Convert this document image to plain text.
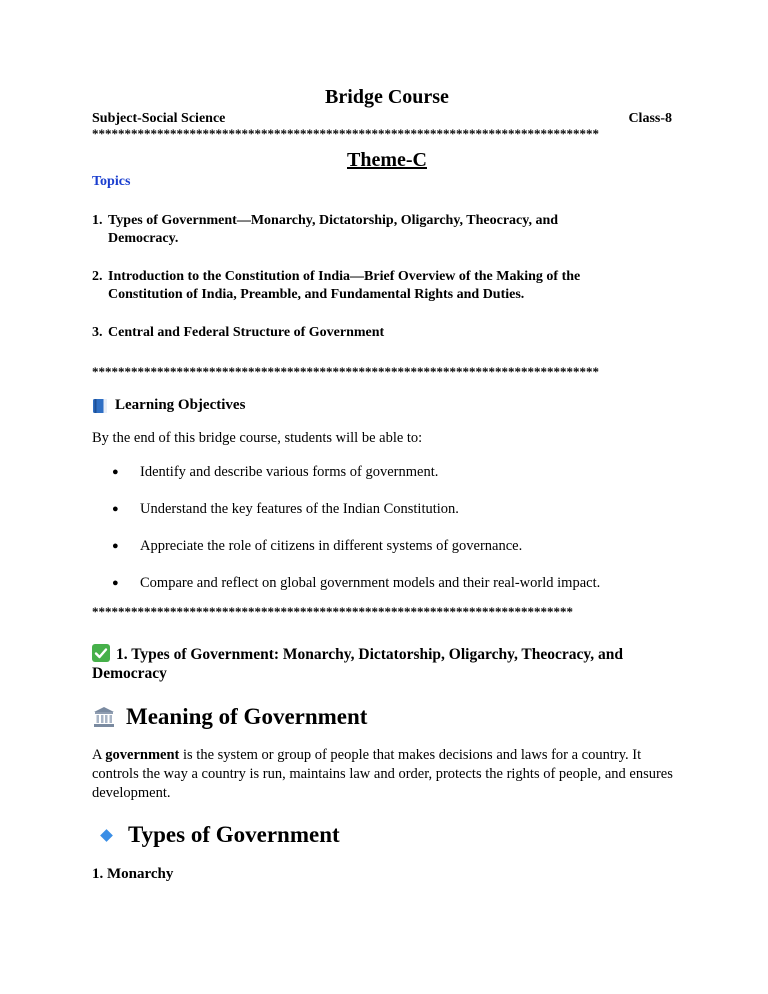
Bridge Course
Subject-Social Science	Class-8
******************************************************************************
Theme-C
Topics
1. Types of Government—Monarchy, Dictatorship, Oligarchy, Theocracy, and
Democracy.
2. Introduction to the Constitution of India—Brief Overview of the Making of the
Constitution of India, Preamble, and Fundamental Rights and Duties.
3. Central and Federal Structure of Government
******************************************************************************
Learning Objectives
By the end of this bridge course, students will be able to:
● Identify and describe various forms of government.
● Understand the key features of the Indian Constitution.
● Appreciate the role of citizens in different systems of governance.
● Compare and reflect on global government models and their real-world impact.
**************************************************************************
1. Types of Government: Monarchy, Dictatorship, Oligarchy, Theocracy, and Democracy
Meaning of Government
A government is the system or group of people that makes decisions and laws for a country. It controls the way a country is run, maintains law and order, protects the rights of people, and ensures development.
Types of Government
1. Monarchy
